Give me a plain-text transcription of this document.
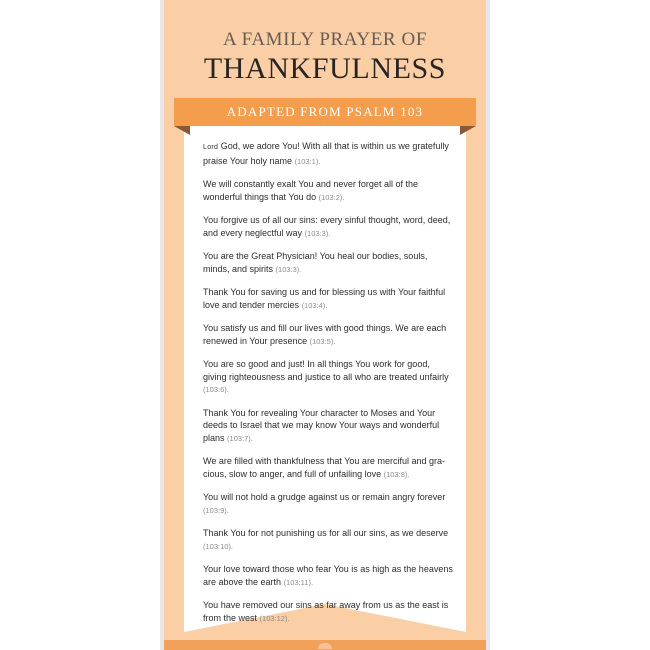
A FAMILY PRAYER OF
THANKFULNESS
ADAPTED FROM PSALM 103

Lord God, we adore You! With all that is within us we gratefully praise Your holy name (103:1).

We will constantly exalt You and never forget all of the wonderful things that You do (103:2).

You forgive us of all our sins: every sinful thought, word, deed, and every neglectful way (103:3).

You are the Great Physician! You heal our bodies, souls, minds, and spirits (103:3).

Thank You for saving us and for blessing us with Your faithful love and tender mercies (103:4).

You satisfy us and fill our lives with good things. We are each renewed in Your presence (103:5).

You are so good and just! In all things You work for good, giving righteousness and justice to all who are treated unfairly (103:6).

Thank You for revealing Your character to Moses and Your deeds to Israel that we may know Your ways and wonderful plans (103:7).

We are filled with thankfulness that You are merciful and gra-cious, slow to anger, and full of unfailing love (103:8).

You will not hold a grudge against us or remain angry forever (103:9).

Thank You for not punishing us for all our sins, as we deserve (103:10).

Your love toward those who fear You is as high as the heavens are above the earth (103:11).

You have removed our sins as far away from us as the east is from the west (103:12).
